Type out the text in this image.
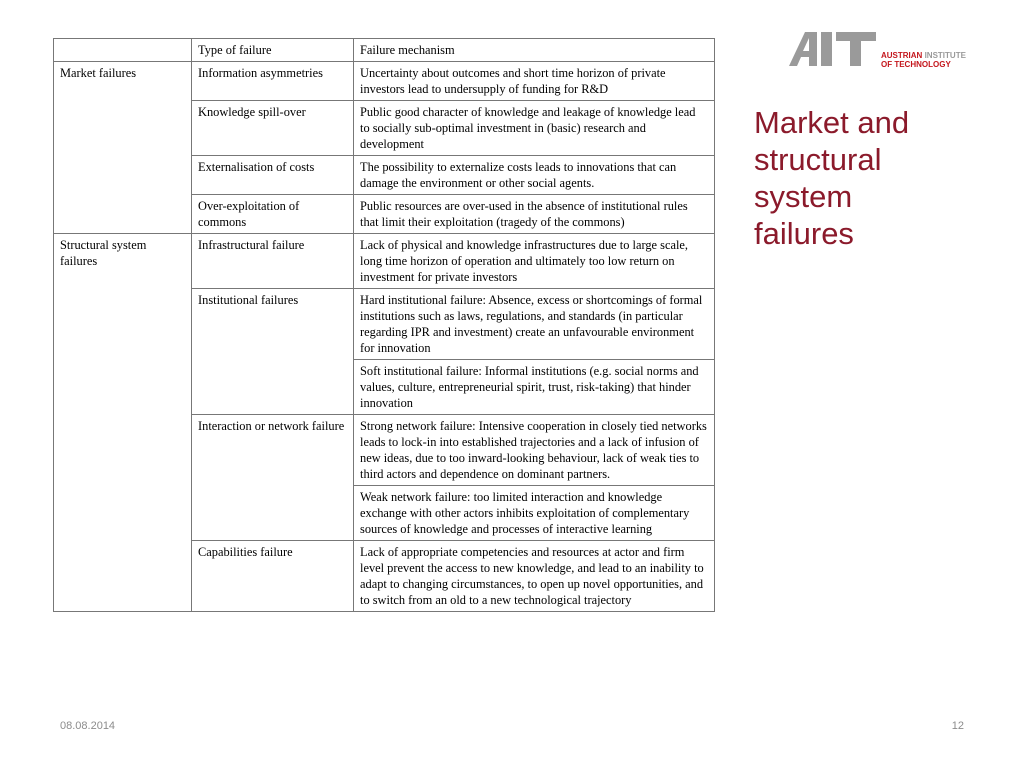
	Type of failure	Failure mechanism
Market failures	Information asymmetries	Uncertainty about outcomes and short time horizon of private investors lead to undersupply of funding for R&D
	Knowledge spill-over	Public good character of knowledge and leakage of knowledge lead to socially sub-optimal investment in (basic) research and development
	Externalisation of costs	The possibility to externalize costs leads to innovations that can damage the environment or other social agents.
	Over-exploitation of commons	Public resources are over-used in the absence of institutional rules that limit their exploitation (tragedy of the commons)
Structural system failures	Infrastructural failure	Lack of physical and knowledge infrastructures due to large scale, long time horizon of operation and ultimately too low return on investment for private investors
	Institutional failures	Hard institutional failure: Absence, excess or shortcomings of formal institutions such as laws, regulations, and standards (in particular regarding IPR and investment) create an unfavourable environment for innovation
		Soft institutional failure: Informal institutions (e.g. social norms and values, culture, entrepreneurial spirit, trust, risk-taking) that hinder innovation
	Interaction or network failure	Strong network failure: Intensive cooperation in closely tied networks leads to lock-in into established trajectories and a lack of infusion of new ideas, due to too inward-looking behaviour, lack of weak ties to third actors and dependence on dominant partners.
		Weak network failure: too limited interaction and knowledge exchange with other actors inhibits exploitation of complementary sources of knowledge and processes of interactive learning
	Capabilities failure	Lack of appropriate competencies and resources at actor and firm level prevent the access to new knowledge, and lead to an inability to adapt to changing circumstances, to open up novel opportunities, and to switch from an old to a new technological trajectory
AUSTRIAN INSTITUTE
OF TECHNOLOGY
Market and
structural
system
failures
08.08.2014	12
